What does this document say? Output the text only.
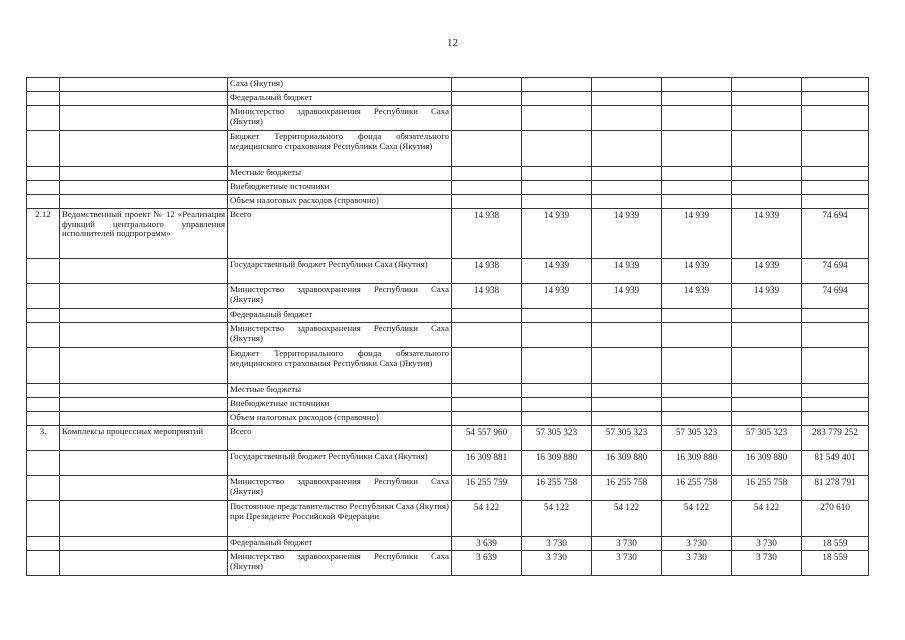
12
		Саха (Якутия)						
		Федеральный бюджет						
		Министерство здравоохранения Республики Саха (Якутия)						
		Бюджет Территориального фонда обязательного медицинского страхования Республики Саха (Якутия)						
		Местные бюджеты						
		Внебюджетные источники						
		Объем налоговых расходов (справочно)						
2.12	Ведомственный проект № 12 «Реализация функций центрального управления исполнителей подпрограмм»	Всего	14 938	14 939	14 939	14 939	14 939	74 694
		Государственный бюджет Республики Саха (Якутия)	14 938	14 939	14 939	14 939	14 939	74 694
		Министерство здравоохранения Республики Саха (Якутия)	14 938	14 939	14 939	14 939	14 939	74 694
		Федеральный бюджет						
		Министерство здравоохранения Республики Саха (Якутия)						
		Бюджет Территориального фонда обязательного медицинского страхования Республики Саха (Якутия)						
		Местные бюджеты						
		Внебюджетные источники						
		Объем налоговых расходов (справочно)						
3.	Комплексы процессных мероприятий	Всего	54 557 960	57 305 323	57 305 323	57 305 323	57 305 323	283 779 252
		Государственный бюджет Республики Саха (Якутия)	16 309 881	16 309 880	16 309 880	16 309 880	16 309 880	81 549 401
		Министерство здравоохранения Республики Саха (Якутия)	16 255 759	16 255 758	16 255 758	16 255 758	16 255 758	81 278 791
		Постоянное представительство Республики Саха (Якутия) при Президенте Российской Федерации	54 122	54 122	54 122	54 122	54 122	270 610
		Федеральный бюджет	3 639	3 730	3 730	3 730	3 730	18 559
		Министерство здравоохранения Республики Саха (Якутия)	3 639	3 730	3 730	3 730	3 730	18 559
